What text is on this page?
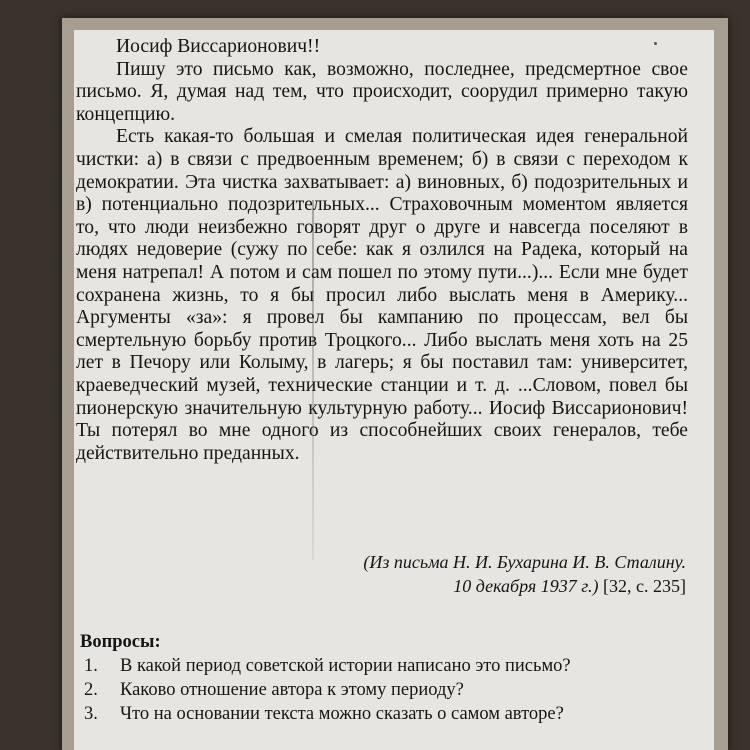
Иосиф Виссарионович!!

Пишу это письмо как, возможно, последнее, предсмертное свое письмо. Я, думая над тем, что происходит, соорудил примерно такую концепцию.

Есть какая-то большая и смелая политическая идея генеральной чистки: а) в связи с предвоенным временем; б) в связи с переходом к демократии. Эта чистка захватывает: а) виновных, б) подозрительных и в) потенциально подозрительных... Страховочным моментом является то, что люди неизбежно говорят друг о друге и навсегда поселяют в людях недоверие (сужу по себе: как я озлился на Радека, который на меня натрепал! А потом и сам пошел по этому пути...)... Если мне будет сохранена жизнь, то я бы просил либо выслать меня в Америку... Аргументы «за»: я провел бы кампанию по процессам, вел бы смертельную борьбу против Троцкого... Либо выслать меня хоть на 25 лет в Печору или Колыму, в лагерь; я бы поставил там: университет, краеведческий музей, технические станции и т. д. ...Словом, повел бы пионерскую значительную культурную работу... Иосиф Виссарионович! Ты потерял во мне одного из способнейших своих генералов, тебе действительно преданных.

(Из письма Н. И. Бухарина И. В. Сталину.
10 декабря 1937 г.) [32, с. 235]
Вопросы:
1.	В какой период советской истории написано это письмо?
2.	Каково отношение автора к этому периоду?
3.	Что на основании текста можно сказать о самом авторе?
